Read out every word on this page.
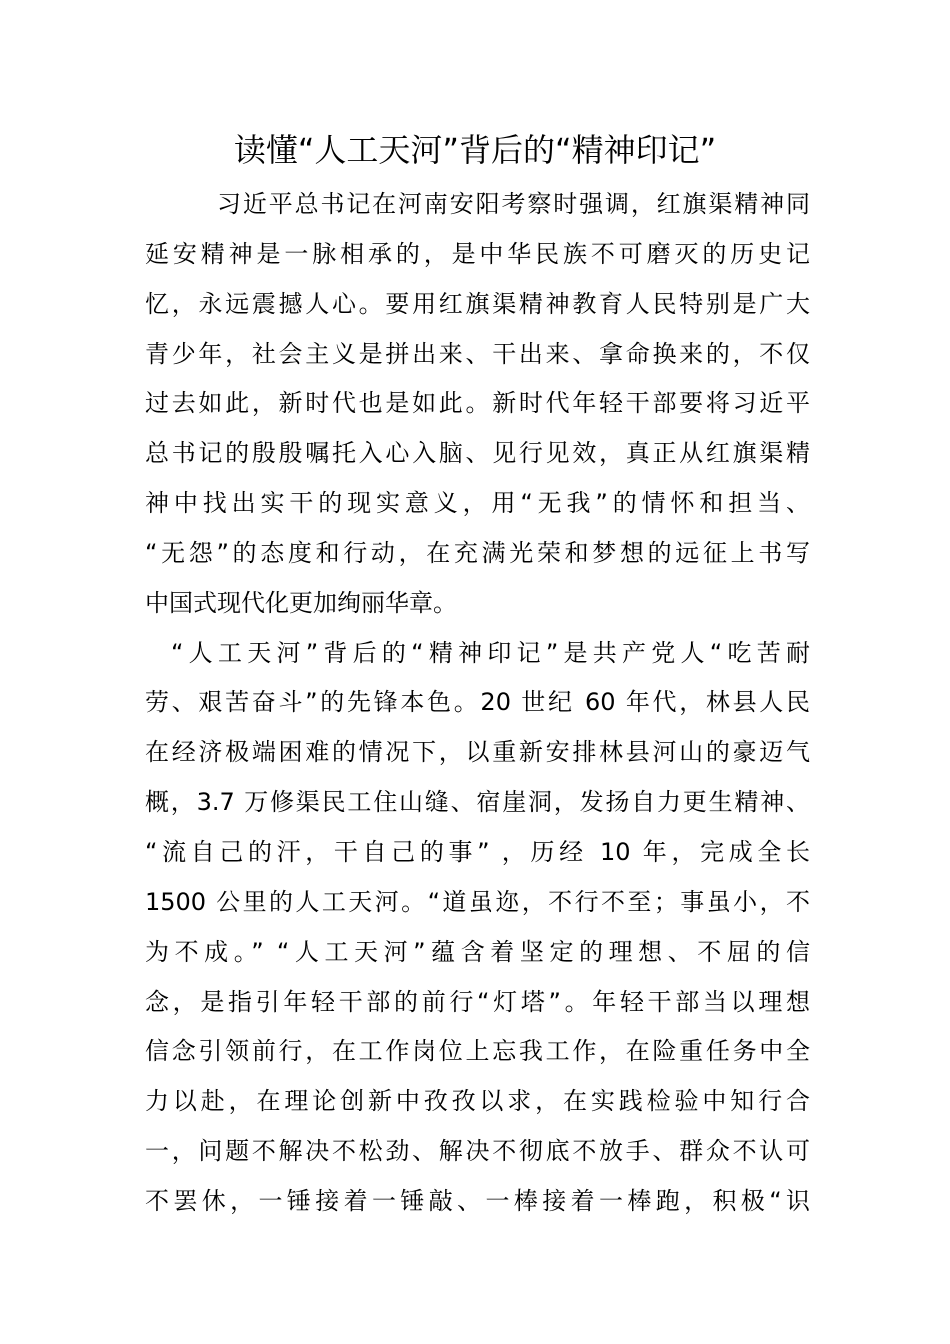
读懂“人工天河”背后的“精神印记”
习近平总书记在河南安阳考察时强调，红旗渠精神同
延安精神是一脉相承的，是中华民族不可磨灭的历史记
忆，永远震撼人心。要用红旗渠精神教育人民特别是广大
青少年，社会主义是拼出来、干出来、拿命换来的，不仅
过去如此，新时代也是如此。新时代年轻干部要将习近平
总书记的殷殷嘱托入心入脑、见行见效，真正从红旗渠精
神中找出实干的现实意义，用“无我”的情怀和担当、
“无怨”的态度和行动，在充满光荣和梦想的远征上书写
中国式现代化更加绚丽华章。
“人工天河”背后的“精神印记”是共产党人“吃苦耐
劳、艰苦奋斗”的先锋本色。20 世纪 60 年代，林县人民
在经济极端困难的情况下，以重新安排林县河山的豪迈气
概，3.7 万修渠民工住山缝、宿崖洞，发扬自力更生精神、
“流自己的汗，干自己的事” ，历经 10 年，完成全长
1500 公里的人工天河。“道虽迩，不行不至；事虽小，不
为不成。” “人工天河”蕴含着坚定的理想、不屈的信
念，是指引年轻干部的前行“灯塔”。年轻干部当以理想
信念引领前行，在工作岗位上忘我工作，在险重任务中全
力以赴，在理论创新中孜孜以求，在实践检验中知行合
一，问题不解决不松劲、解决不彻底不放手、群众不认可
不罢休，一锤接着一锤敲、一棒接着一棒跑，积极“识
